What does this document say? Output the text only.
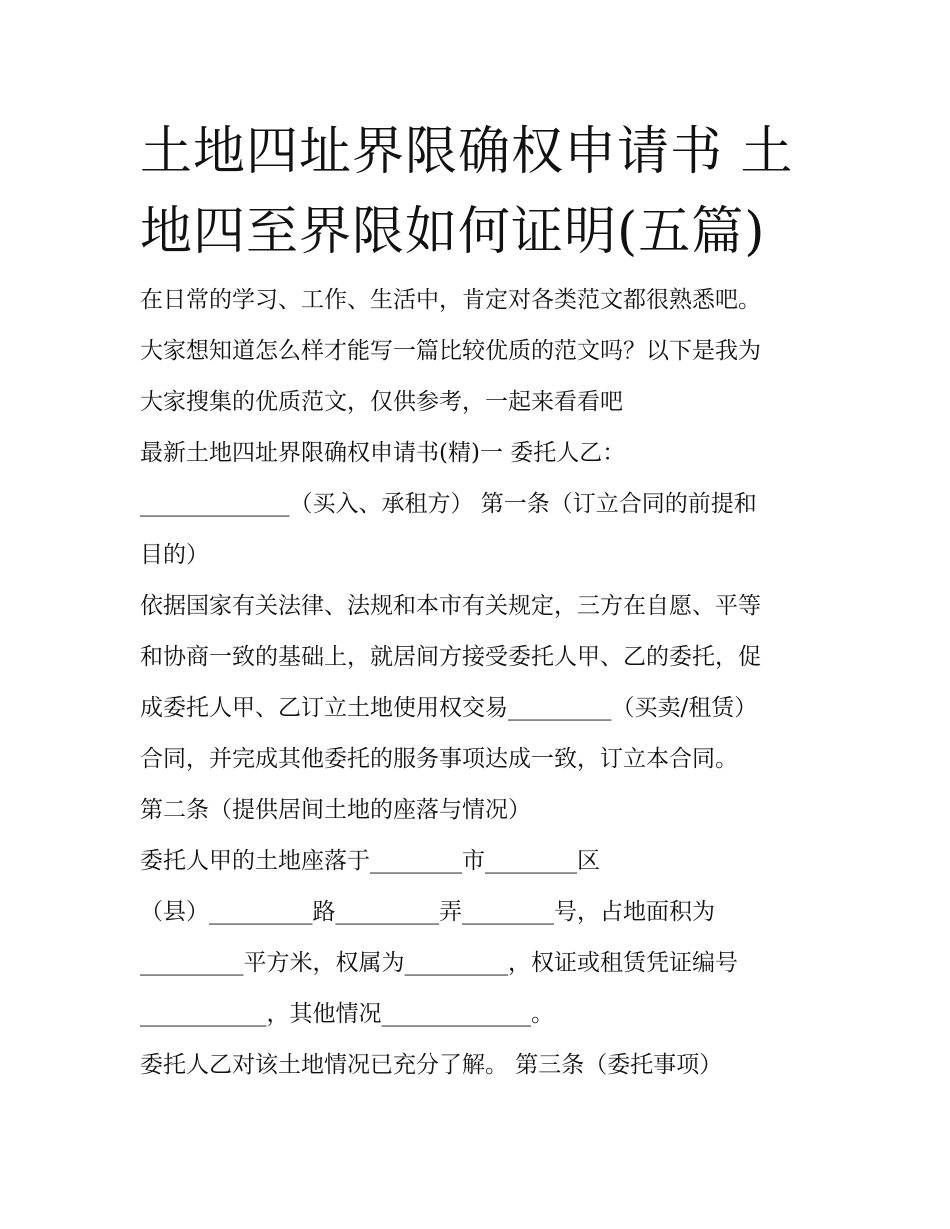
土地四址界限确权申请书 土地四至界限如何证明(五篇)

在日常的学习、工作、生活中，肯定对各类范文都很熟悉吧。

大家想知道怎么样才能写一篇比较优质的范文吗？以下是我为

大家搜集的优质范文，仅供参考，一起来看看吧

最新土地四址界限确权申请书(精)一 委托人乙：

_____________（买入、承租方） 第一条（订立合同的前提和

目的）

依据国家有关法律、法规和本市有关规定，三方在自愿、平等

和协商一致的基础上，就居间方接受委托人甲、乙的委托，促

成委托人甲、乙订立土地使用权交易_________（买卖/租赁）

合同，并完成其他委托的服务事项达成一致，订立本合同。

第二条（提供居间土地的座落与情况）

委托人甲的土地座落于________市________区

（县）_________路_________弄________号，占地面积为

_________平方米，权属为_________，权证或租赁凭证编号

___________，其他情况_____________。

委托人乙对该土地情况已充分了解。 第三条（委托事项）
